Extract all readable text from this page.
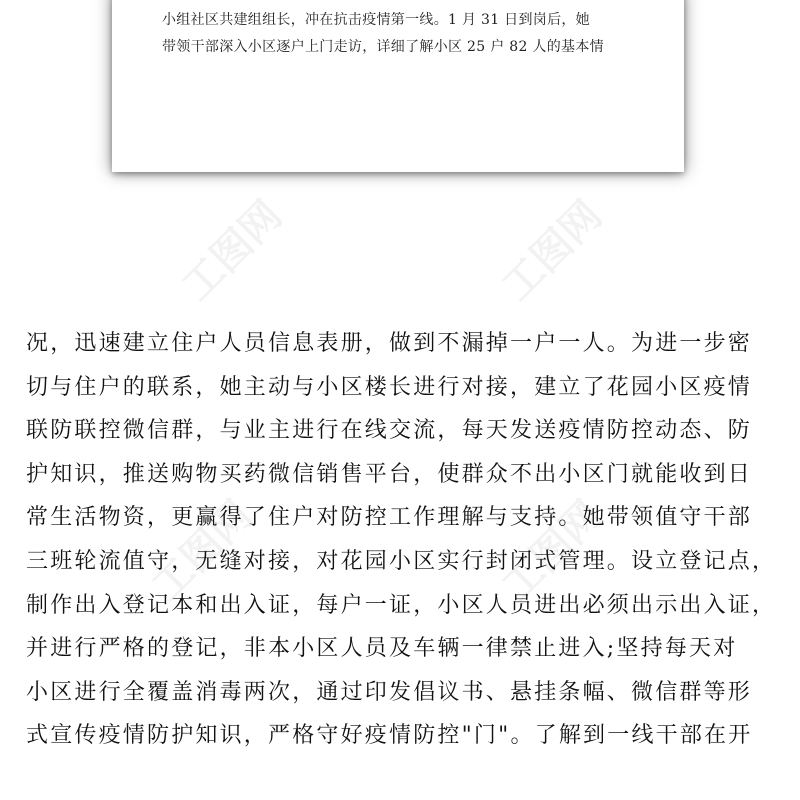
小组社区共建组组长，冲在抗击疫情第一线。1 月 31 日到岗后，她
带领干部深入小区逐户上门走访，详细了解小区 25 户 82 人的基本情
工图网	工图网
工图网	工图网
况，迅速建立住户人员信息表册，做到不漏掉一户一人。为进一步密
切与住户的联系，她主动与小区楼长进行对接，建立了花园小区疫情
联防联控微信群，与业主进行在线交流，每天发送疫情防控动态、防
护知识，推送购物买药微信销售平台，使群众不出小区门就能收到日
常生活物资，更赢得了住户对防控工作理解与支持。她带领值守干部
三班轮流值守，无缝对接，对花园小区实行封闭式管理。设立登记点，
制作出入登记本和出入证，每户一证，小区人员进出必须出示出入证，
并进行严格的登记，非本小区人员及车辆一律禁止进入;坚持每天对
小区进行全覆盖消毒两次，通过印发倡议书、悬挂条幅、微信群等形
式宣传疫情防护知识，严格守好疫情防控"门"。了解到一线干部在开
